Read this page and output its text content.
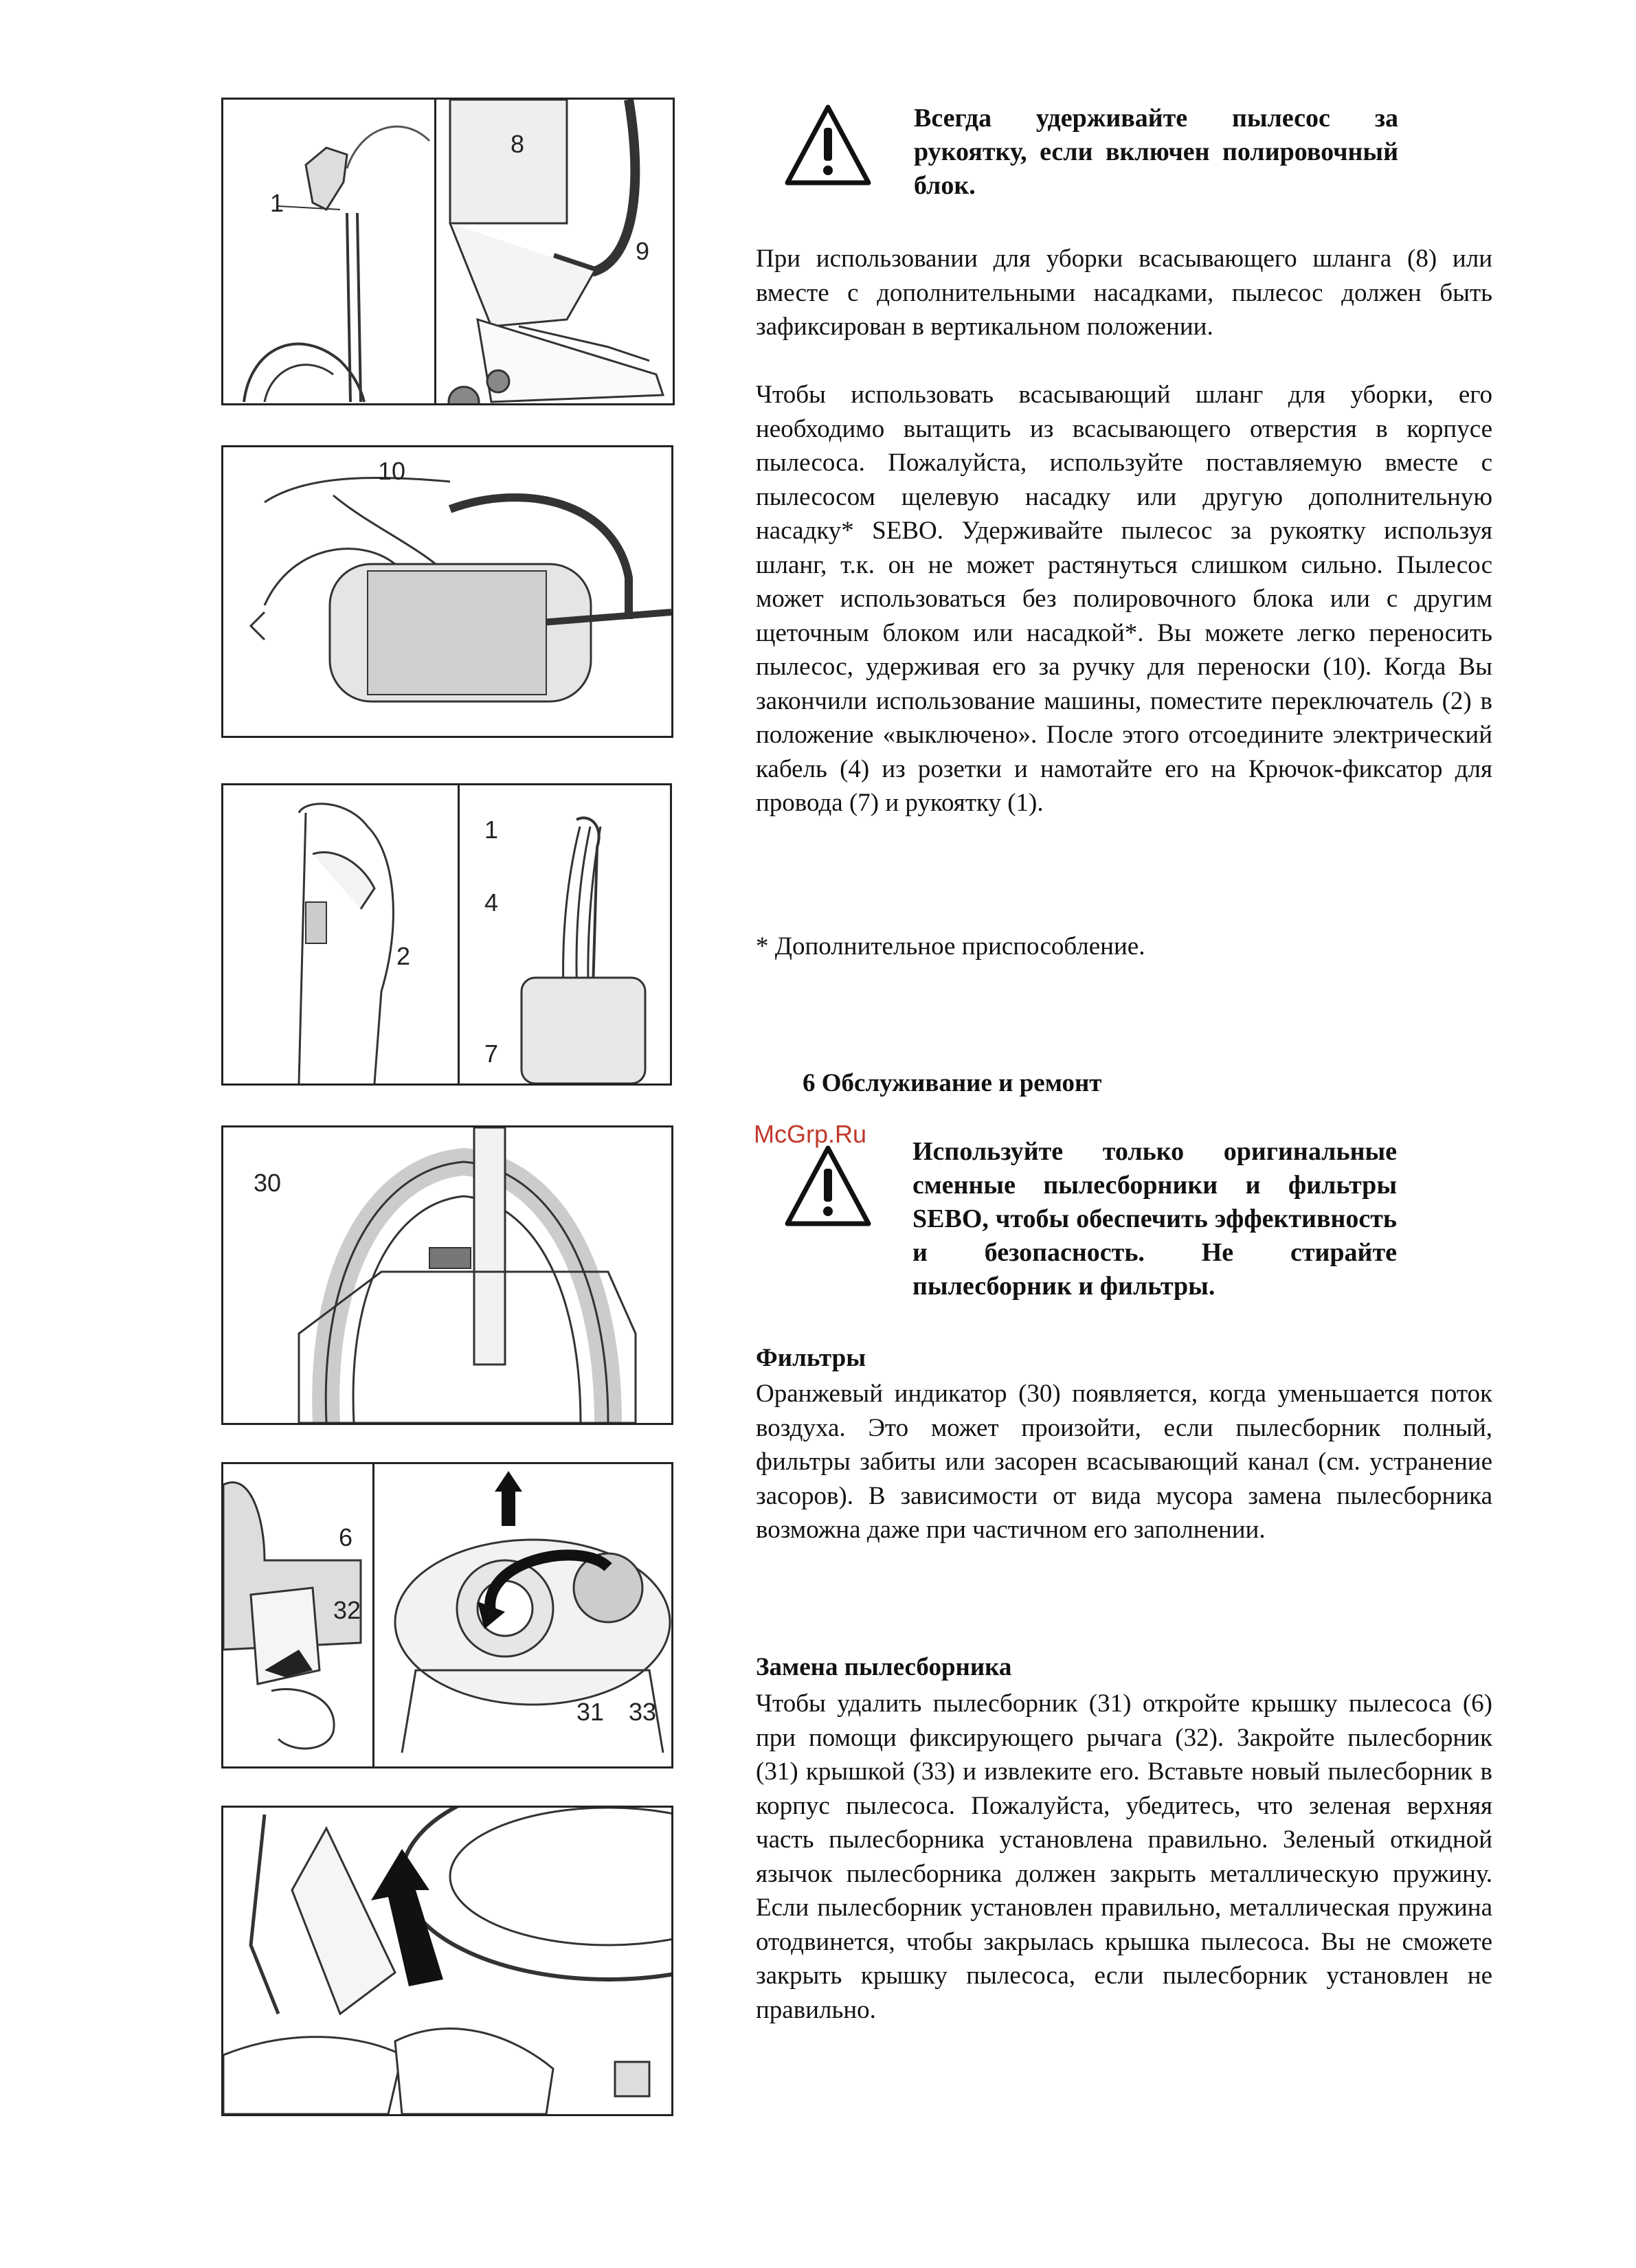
1
8
9
10
2
1
4
7
30
6
32
31 33

Всегда удерживайте пылесос за рукоятку, если включен полировочный блок.

При использовании для уборки всасывающего шланга (8) или вместе с дополнительными насадками, пылесос должен быть зафиксирован в вертикальном положении.

Чтобы использовать всасывающий шланг для уборки, его необходимо вытащить из всасывающего отверстия в корпусе пылесоса. Пожалуйста, используйте поставляемую вместе с пылесосом щелевую насадку или другую дополнительную насадку* SEBO. Удерживайте пылесос за рукоятку используя шланг, т.к. он не может растянуться слишком сильно. Пылесос может использоваться без полировочного блока или с другим щеточным блоком или насадкой*. Вы можете легко переносить пылесос, удерживая его за ручку для переноски (10). Когда Вы закончили использование машины, поместите переключатель (2) в положение «выключено». После этого отсоедините электрический кабель (4) из розетки и намотайте его на Крючок-фиксатор для провода (7) и рукоятку (1).

* Дополнительное приспособление.

6 Обслуживание и ремонт

McGrp.Ru

Используйте только оригинальные сменные пылесборники и фильтры SEBO, чтобы обеспечить эффективность и безопасность. Не стирайте пылесборник и фильтры.

Фильтры

Оранжевый индикатор (30) появляется, когда уменьшается поток воздуха. Это может произойти, если пылесборник полный, фильтры забиты или засорен всасывающий канал (см. устранение засоров). В зависимости от вида мусора замена пылесборника возможна даже при частичном его заполнении.

Замена пылесборника

Чтобы удалить пылесборник (31) откройте крышку пылесоса (6) при помощи фиксирующего рычага (32). Закройте пылесборник (31) крышкой (33) и извлеките его. Вставьте новый пылесборник в корпус пылесоса. Пожалуйста, убедитесь, что зеленая верхняя часть пылесборника установлена правильно. Зеленый откидной язычок пылесборника должен закрыть металлическую пружину. Если пылесборник установлен правильно, металлическая пружина отодвинется, чтобы закрылась крышка пылесоса. Вы не сможете закрыть крышку пылесоса, если пылесборник установлен не правильно.
